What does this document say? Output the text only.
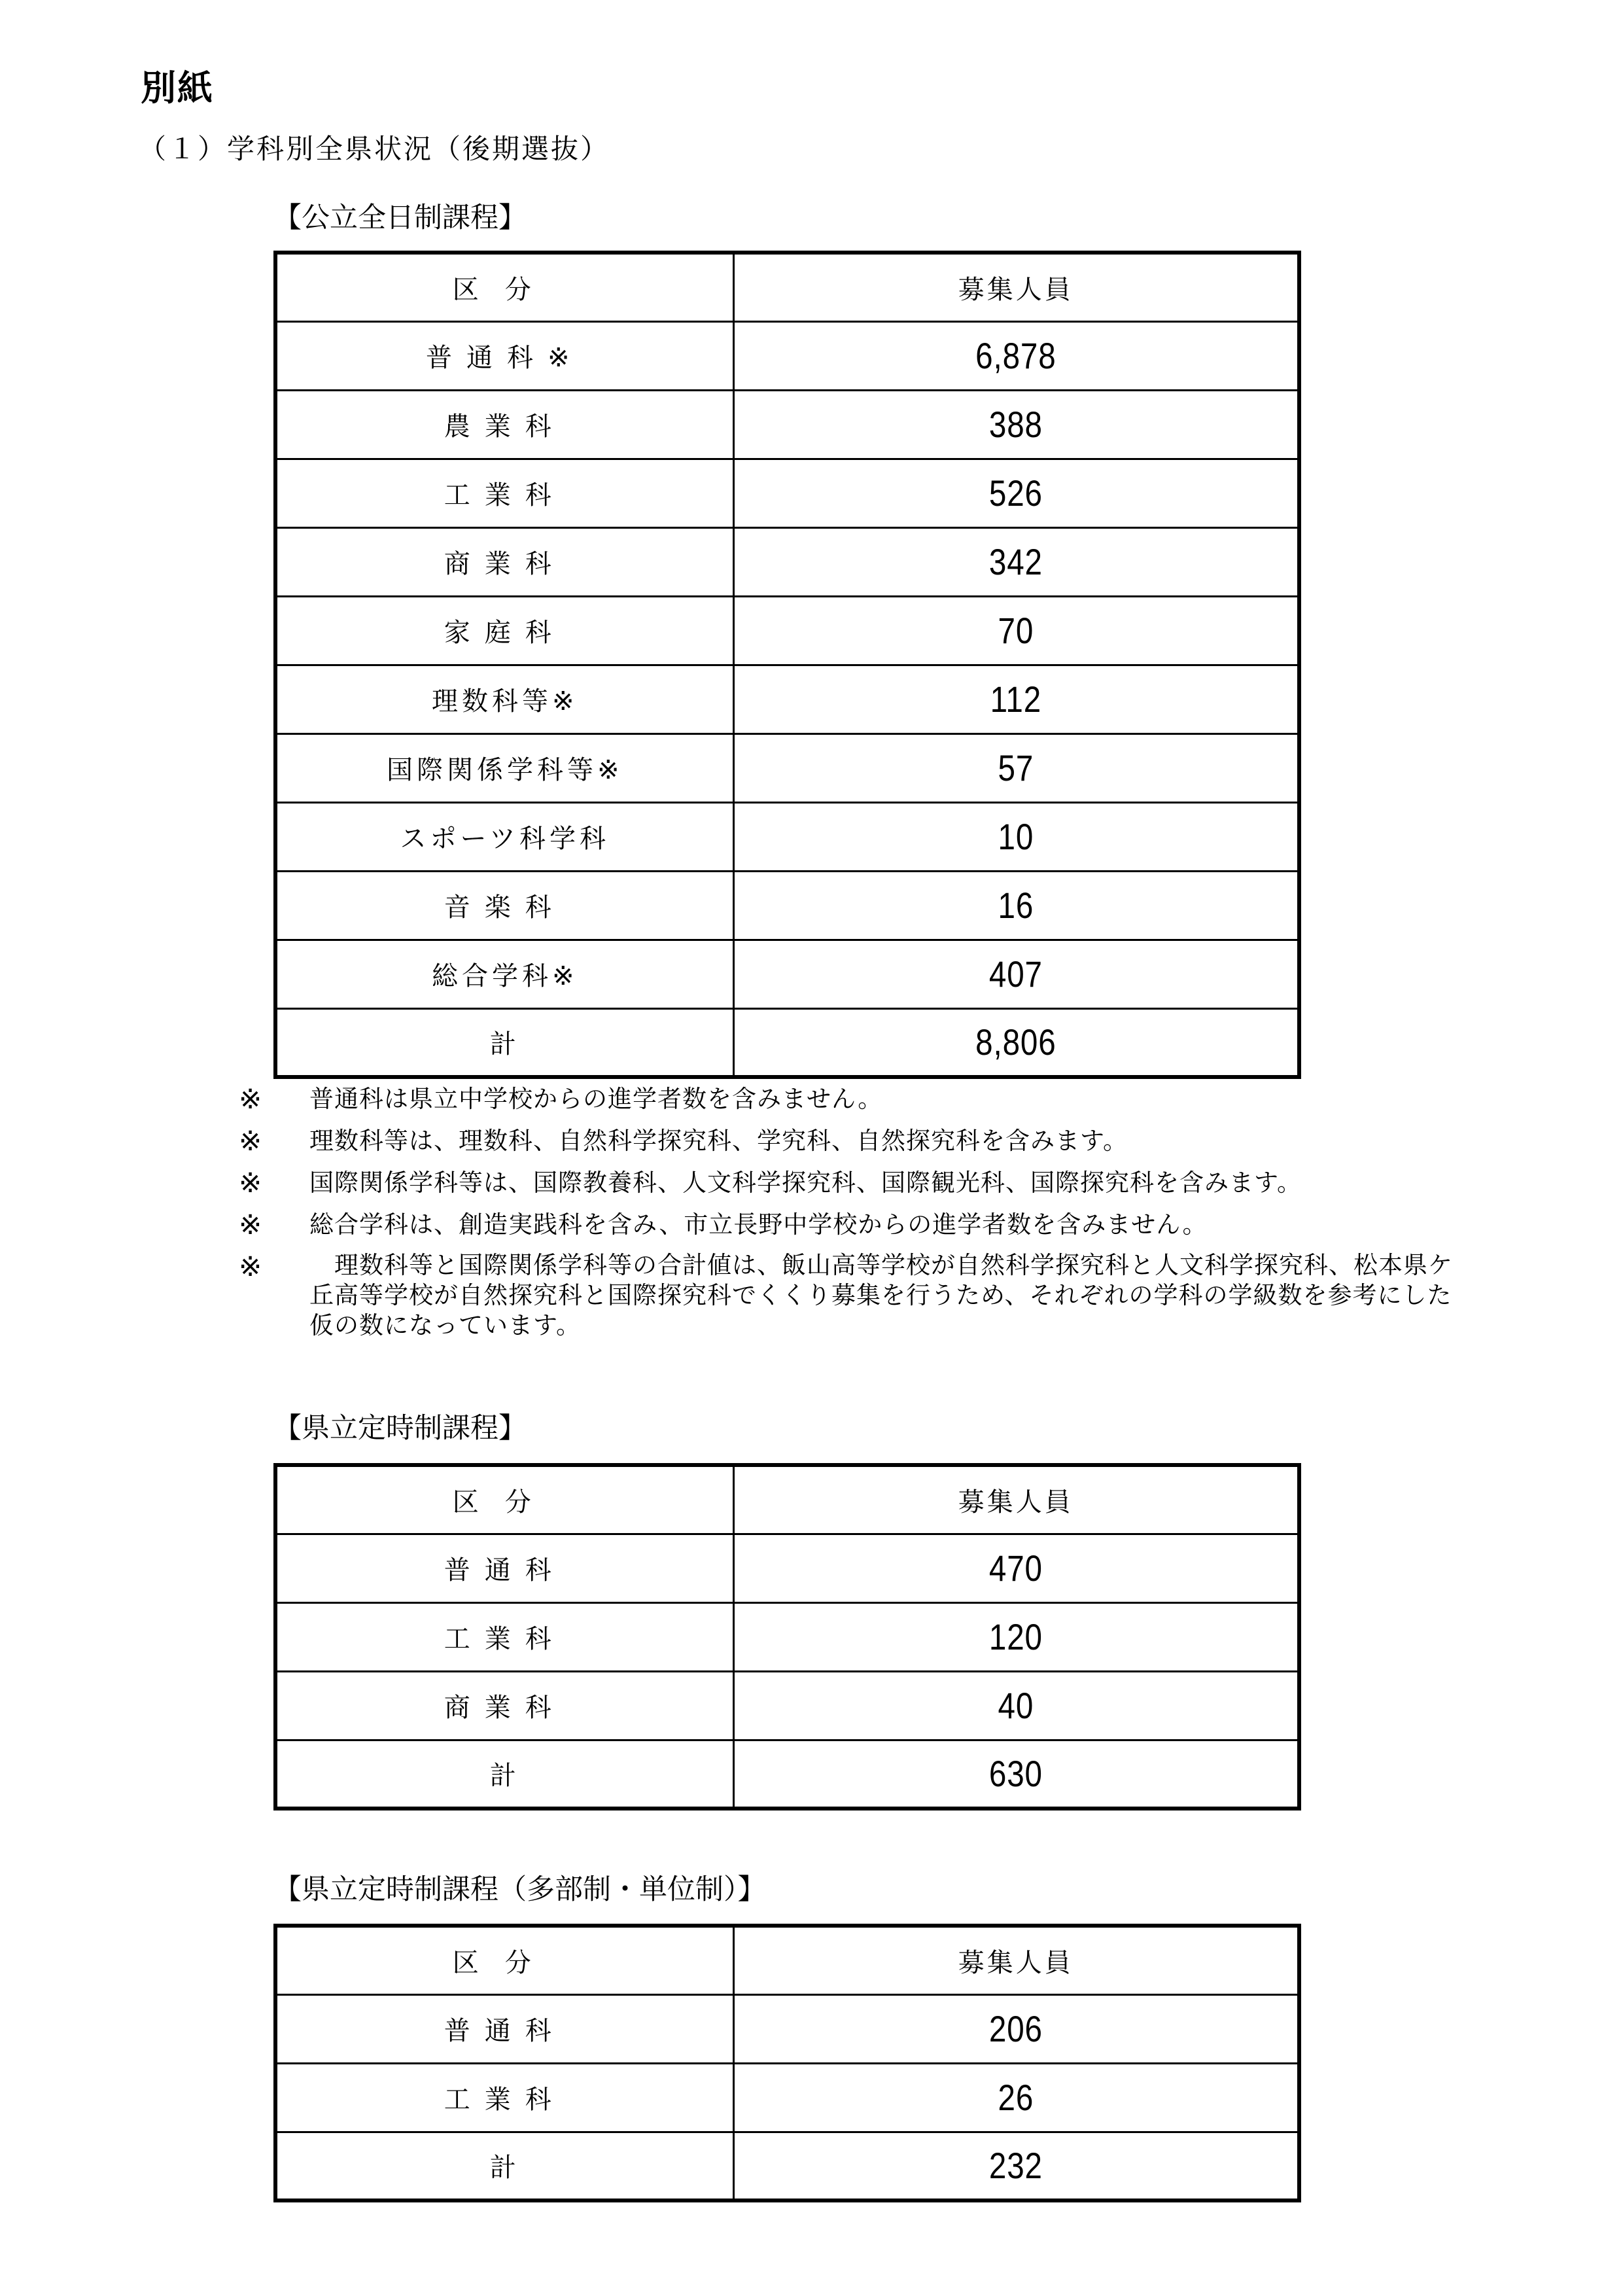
別紙
（１）学科別全県状況（後期選抜）
【公立全日制課程】
区分	募集人員
普通科※	6,878
農業科	388
工業科	526
商業科	342
家庭科	70
理数科等※	112
国際関係学科等※	57
スポーツ科学科	10
音楽科	16
総合学科※	407
計	8,806
※ 普通科は県立中学校からの進学者数を含みません。
※ 理数科等は、理数科、自然科学探究科、学究科、自然探究科を含みます。
※ 国際関係学科等は、国際教養科、人文科学探究科、国際観光科、国際探究科を含みます。
※ 総合学科は、創造実践科を含み、市立長野中学校からの進学者数を含みません。
※	理数科等と国際関係学科等の合計値は、飯山高等学校が自然科学探究科と人文科学探究科、松本県ケ丘高等学校が自然探究科と国際探究科でくくり募集を行うため、それぞれの学科の学級数を参考にした仮の数になっています。
【県立定時制課程】
区分	募集人員
普通科	470
工業科	120
商業科	40
計	630
【県立定時制課程（多部制・単位制）】
区分	募集人員
普通科	206
工業科	26
計	232
